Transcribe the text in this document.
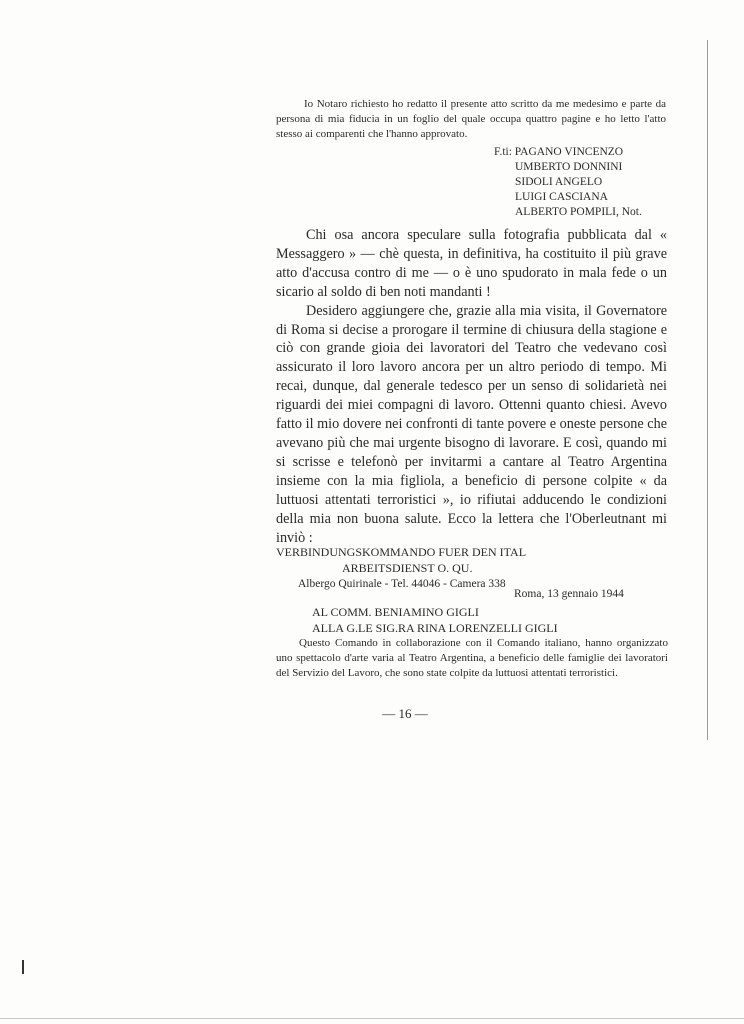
Io Notaro richiesto ho redatto il presente atto scritto da me medesimo e parte da persona di mia fiducia in un foglio del quale occupa quattro pagine e ho letto l'atto stesso ai comparenti che l'hanno approvato.
F.ti: PAGANO VINCENZO
UMBERTO DONNINI
SIDOLI ANGELO
LUIGI CASCIANA
ALBERTO POMPILI, Not.

Chi osa ancora speculare sulla fotografia pubblicata dal « Messaggero » — chè questa, in definitiva, ha costituito il più grave atto d'accusa contro di me — o è uno spudorato in mala fede o un sicario al soldo di ben noti mandanti !

Desidero aggiungere che, grazie alla mia visita, il Governatore di Roma si decise a prorogare il termine di chiusura della stagione e ciò con grande gioia dei lavoratori del Teatro che vedevano così assicurato il loro lavoro ancora per un altro periodo di tempo. Mi recai, dunque, dal generale tedesco per un senso di solidarietà nei riguardi dei miei compagni di lavoro. Ottenni quanto chiesi. Avevo fatto il mio dovere nei confronti di tante povere e oneste persone che avevano più che mai urgente bisogno di lavorare. E così, quando mi si scrisse e telefonò per invitarmi a cantare al Teatro Argentina insieme con la mia figliola, a beneficio di persone colpite « da luttuosi attentati terroristici », io rifiutai adducendo le condizioni della mia non buona salute. Ecco la lettera che l'Oberleutnant mi inviò :

VERBINDUNGSKOMMANDO FUER DEN ITAL
ARBEITSDIENST O. QU.
Albergo Quirinale - Tel. 44046 - Camera 338
Roma, 13 gennaio 1944
AL COMM. BENIAMINO GIGLI
ALLA G.LE SIG.RA RINA LORENZELLI GIGLI
Questo Comando in collaborazione con il Comando italiano, hanno organizzato uno spettacolo d'arte varia al Teatro Argentina, a beneficio delle famiglie dei lavoratori del Servizio del Lavoro, che sono state colpite da luttuosi attentati terroristici.
— 16 —
